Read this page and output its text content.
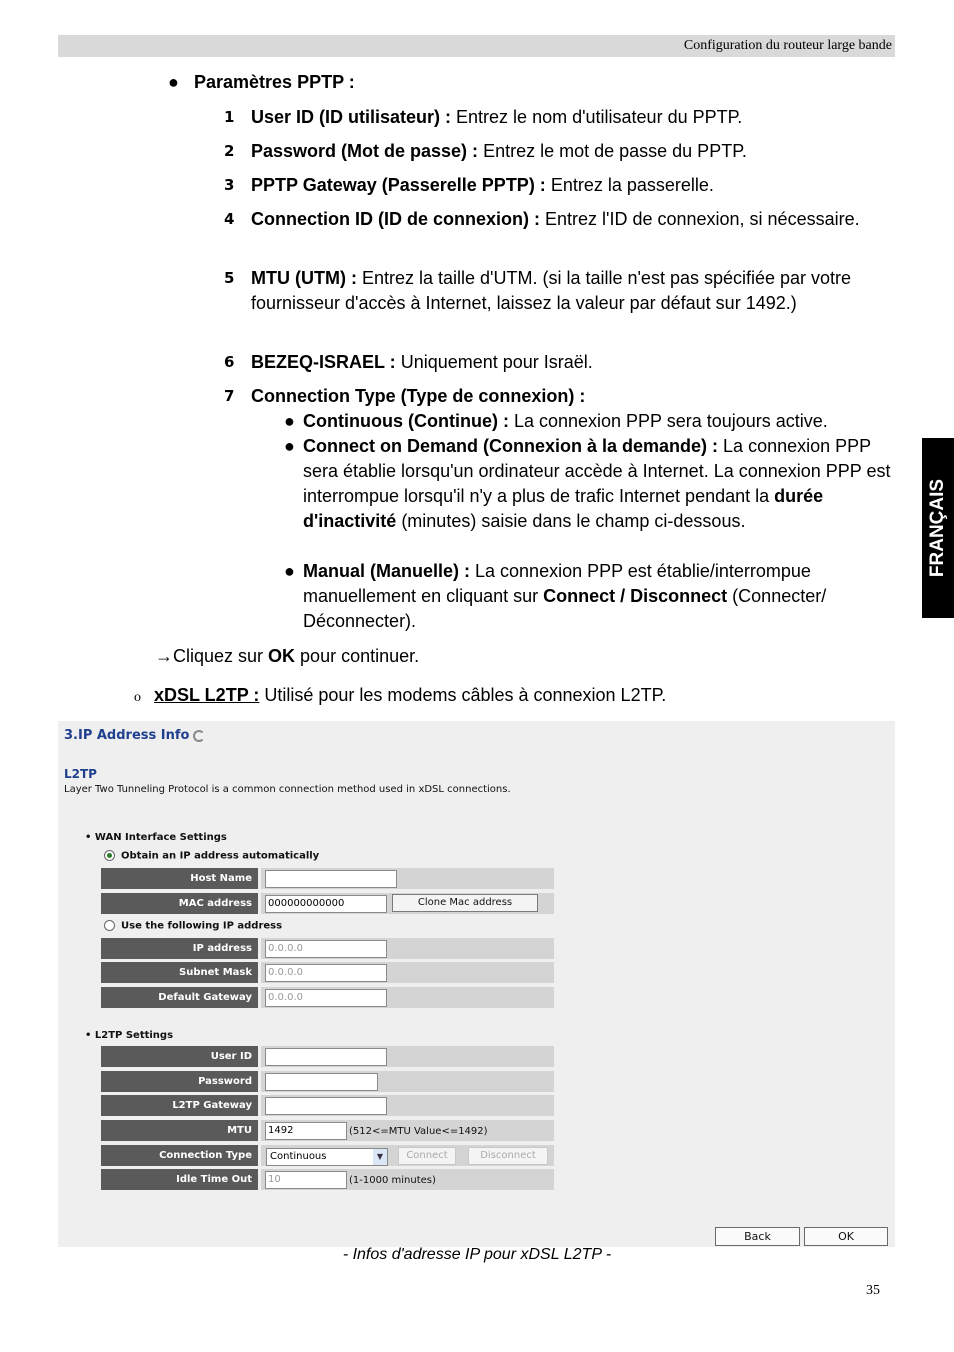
Configuration du routeur large bande
FRANÇAIS
● Paramètres PPTP :
1 User ID (ID utilisateur) : Entrez le nom d'utilisateur du PPTP.
2 Password (Mot de passe) : Entrez le mot de passe du PPTP.
3 PPTP Gateway (Passerelle PPTP) : Entrez la passerelle.
4 Connection ID (ID de connexion) : Entrez l'ID de connexion, si nécessaire.
5 MTU (UTM) : Entrez la taille d'UTM. (si la taille n'est pas spécifiée par votre fournisseur d'accès à Internet, laissez la valeur par défaut sur 1492.)
6 BEZEQ-ISRAEL : Uniquement pour Israël.
7 Connection Type (Type de connexion) :
● Continuous (Continue) : La connexion PPP sera toujours active.
● Connect on Demand (Connexion à la demande) : La connexion PPP sera établie lorsqu'un ordinateur accède à Internet. La connexion PPP est interrompue lorsqu'il n'y a plus de trafic Internet pendant la durée d'inactivité (minutes) saisie dans le champ ci-dessous.
● Manual (Manuelle) : La connexion PPP est établie/interrompue manuellement en cliquant sur Connect / Disconnect (Connecter/ Déconnecter).
→Cliquez sur OK pour continuer.
o xDSL L2TP : Utilisé pour les modems câbles à connexion L2TP.
3.IP Address Info
L2TP
Layer Two Tunneling Protocol is a common connection method used in xDSL connections.
• WAN Interface Settings
Obtain an IP address automatically
Host Name
MAC address	000000000000	Clone Mac address
Use the following IP address
IP address	0.0.0.0
Subnet Mask	0.0.0.0
Default Gateway	0.0.0.0
• L2TP Settings
User ID
Password
L2TP Gateway
MTU	1492	(512<=MTU Value<=1492)
Connection Type	Continuous	▼	Connect	Disconnect
Idle Time Out	10	(1-1000 minutes)
Back	OK
- Infos d'adresse IP pour xDSL L2TP -
35
